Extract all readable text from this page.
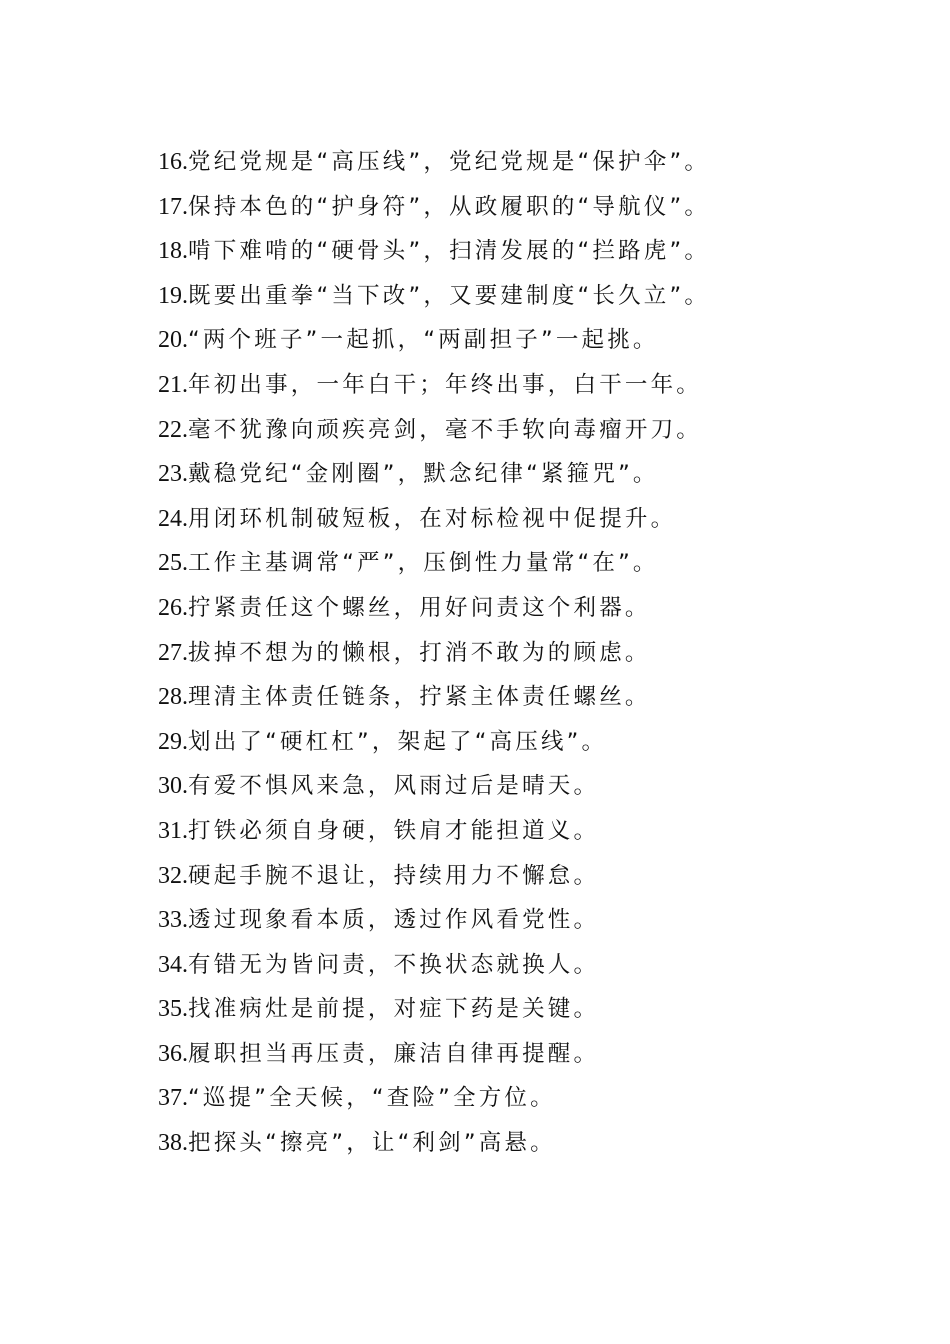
16. 党纪党规是“高压线”，党纪党规是“保护伞”。
17. 保持本色的“护身符”，从政履职的“导航仪”。
18. 啃下难啃的“硬骨头”，扫清发展的“拦路虎”。
19. 既要出重拳“当下改”，又要建制度“长久立”。
20. “两个班子”一起抓，“两副担子”一起挑。
21. 年初出事，一年白干；年终出事，白干一年。
22. 毫不犹豫向顽疾亮剑，毫不手软向毒瘤开刀。
23. 戴稳党纪“金刚圈”，默念纪律“紧箍咒”。
24. 用闭环机制破短板，在对标检视中促提升。
25. 工作主基调常“严”，压倒性力量常“在”。
26. 拧紧责任这个螺丝，用好问责这个利器。
27. 拔掉不想为的懒根，打消不敢为的顾虑。
28. 理清主体责任链条，拧紧主体责任螺丝。
29. 划出了“硬杠杠”，架起了“高压线”。
30. 有爱不惧风来急，风雨过后是晴天。
31. 打铁必须自身硬，铁肩才能担道义。
32. 硬起手腕不退让，持续用力不懈怠。
33. 透过现象看本质，透过作风看党性。
34. 有错无为皆问责，不换状态就换人。
35. 找准病灶是前提，对症下药是关键。
36. 履职担当再压责，廉洁自律再提醒。
37. “巡提”全天候，“查险”全方位。
38. 把探头“擦亮”，让“利剑”高悬。
